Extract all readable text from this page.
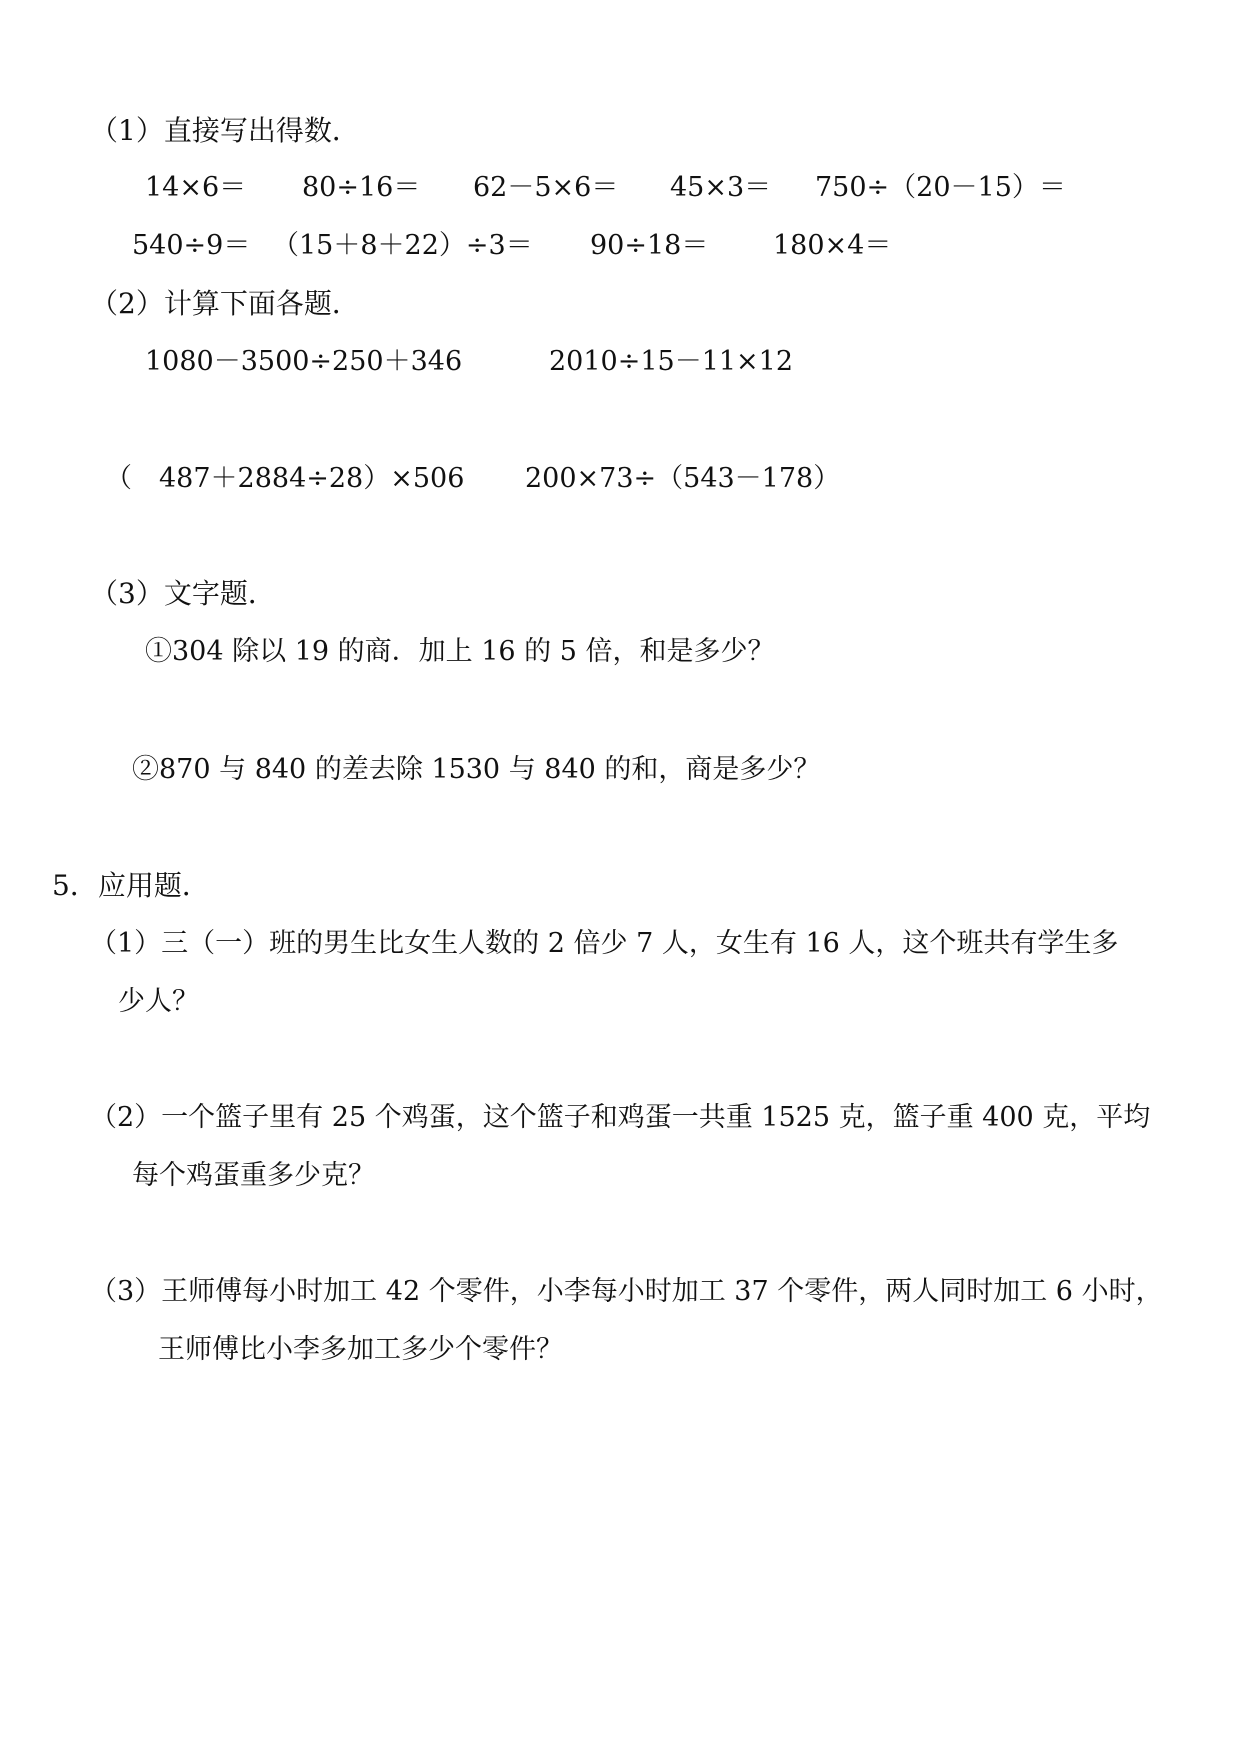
（1）直接写出得数．
14×6＝ 80÷16＝ 62－5×6＝ 45×3＝ 750÷（20－15）＝
540÷9＝ （15＋8＋22）÷3＝ 90÷18＝ 180×4＝
（2）计算下面各题．
1080－3500÷250＋346	2010÷15－11×12
（　487＋2884÷28）×506 200×73÷（543－178）
（3）文字题．
①304 除以 19 的商．加上 16 的 5 倍，和是多少？
②870 与 840 的差去除 1530 与 840 的和，商是多少？
5．应用题．
（1）三（一）班的男生比女生人数的 2 倍少 7 人，女生有 16 人，这个班共有学生多
少人？
（2）一个篮子里有 25 个鸡蛋，这个篮子和鸡蛋一共重 1525 克，篮子重 400 克，平均
每个鸡蛋重多少克？
（3）王师傅每小时加工 42 个零件，小李每小时加工 37 个零件，两人同时加工 6 小时，
王师傅比小李多加工多少个零件？
